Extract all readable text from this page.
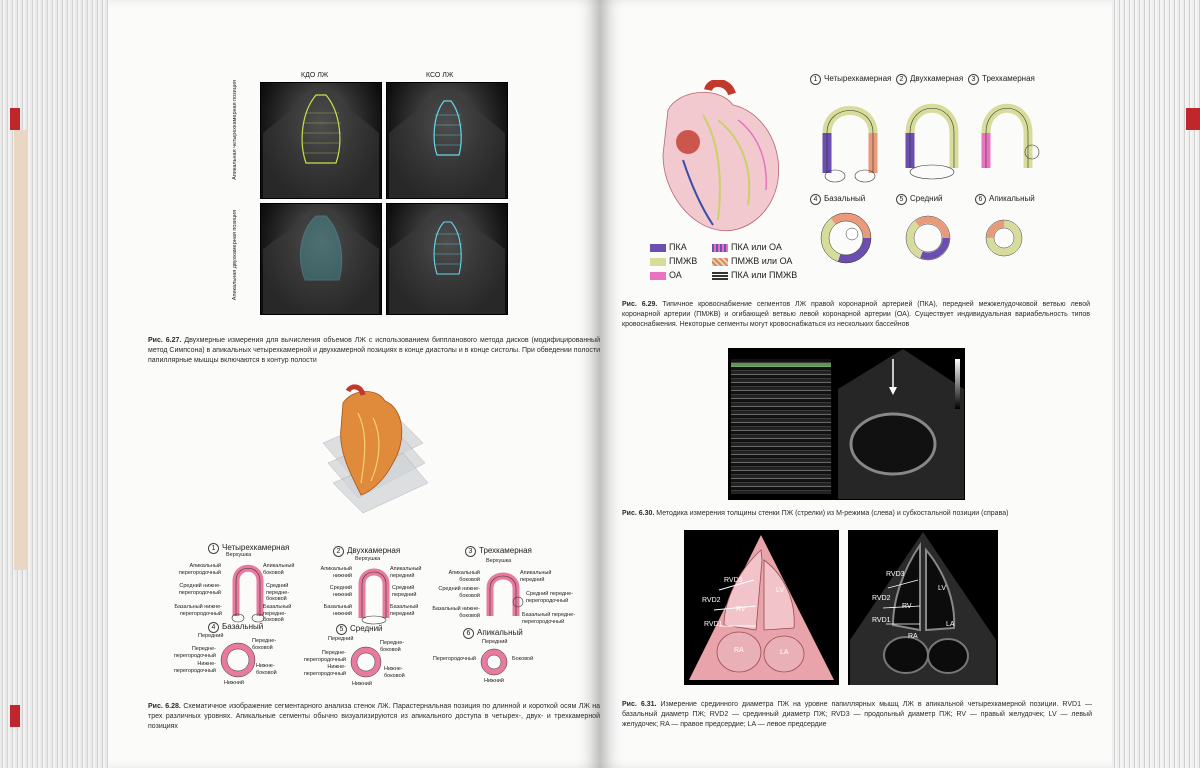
КДО ЛЖ	КСО ЛЖ
Апикальная четырехкамерная позиция
Апикальная двухкамерная позиция
Рис. 6.27. Двухмерные измерения для вычисления объемов ЛЖ с использованием биппланового метода дисков (модифицированный метод Симпсона) в апикальных четырехкамерной и двухкамерной позициях в конце диастолы и в конце систолы. При обведении полости папиллярные мышцы включаются в контур полости
1 Четырехкамерная	2 Двухкамерная	3 Трехкамерная
Верхушка
Апикальный перегородочный
Апикальный боковой
Средний нижне-перегородочный
Средний передне-боковой
Базальный нижне-перегородочный
Базальный передне-боковой
Верхушка
Апикальный нижний
Апикальный передний
Средний нижний
Средний передний
Базальный нижний
Базальный передний
Верхушка
Апикальный боковой
Апикальный передний
Средний нижне-боковой	Средний передне-перегородочный
Базальный нижне-боковой	Базальный передне-перегородочный
4 Базальный	5 Средний
6 Апикальный
Передний
Передне-перегородочный
Передне-боковой
Нижне-перегородочный
Нижне-боковой
Нижний
Передний
Передне-перегородочный
Передне-боковой
Нижне-перегородочный
Нижне-боковой
Нижний
Передний
Перегородочный	Боковой
Нижний
Рис. 6.28. Схематичное изображение сегментарного анализа стенок ЛЖ. Парастернальная позиция по длинной и короткой осям ЛЖ на трех различных уровнях. Апикальные сегменты обычно визуализируются из апикального доступа в четырех-, двух- и трехкамерной позициях
ПКА
ПМЖВ
ОА
ПКА или ОА
ПМЖВ или ОА
ПКА или ПМЖВ
1 Четырехкамерная	2 Двухкамерная	3 Трехкамерная
4 Базальный	5 Средний	6 Апикальный
Рис. 6.29. Типичное кровоснабжение сегментов ЛЖ правой коронарной артерией (ПКА), передней межжелудочковой ветвью левой коронарной артерии (ПМЖВ) и огибающей ветвью левой коронарной артерии (ОА). Существует индивидуальная вариабельность типов кровоснабжения. Некоторые сегменты могут кровоснабжаться из нескольких бассейнов
Рис. 6.30. Методика измерения толщины стенки ПЖ (стрелки) из М-режима (слева) и субкостальной позиции (справа)
RVD3
RVD2
RV
RVD1
LV
RA	LA
RVD3
RVD2
RV
RVD1
LV
RA
LA
Рис. 6.31. Измерение срединного диаметра ПЖ на уровне папиллярных мышц ЛЖ в апикальной четырехкамерной позиции. RVD1 — базальный диаметр ПЖ; RVD2 — срединный диаметр ПЖ; RVD3 — продольный диаметр ПЖ; RV — правый желудочек; LV — левый желудочек; RA — правое предсердие; LA — левое предсердие
